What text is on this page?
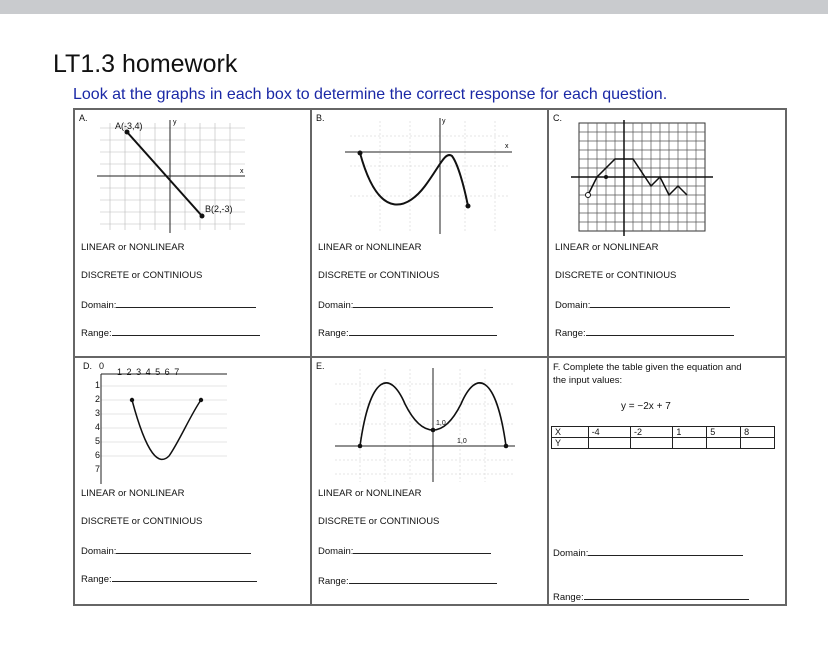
LT1.3 homework
Look at the graphs in each box to determine the correct response for each question.
A.
x
y
A(-3,4)
B(2,-3)
LINEAR or NONLINEAR
DISCRETE or CONTINIOUS
Domain:
Range:
B.
x
y
LINEAR or NONLINEAR
DISCRETE or CONTINIOUS
Domain:
Range:
C.
LINEAR or NONLINEAR
DISCRETE or CONTINIOUS
Domain:
Range:
D. 0
1 2 3 4 5 6 7
1
2
3
4
5
6
7
LINEAR or NONLINEAR
DISCRETE or CONTINIOUS
Domain:
Range:
E.
1,0
1,0
LINEAR or NONLINEAR
DISCRETE or CONTINIOUS
Domain:
Range:
F. Complete the table given the equation and
the input values:
y = −2x + 7
X	-4	-2	1	5	8
Y					
Domain:
Range:
